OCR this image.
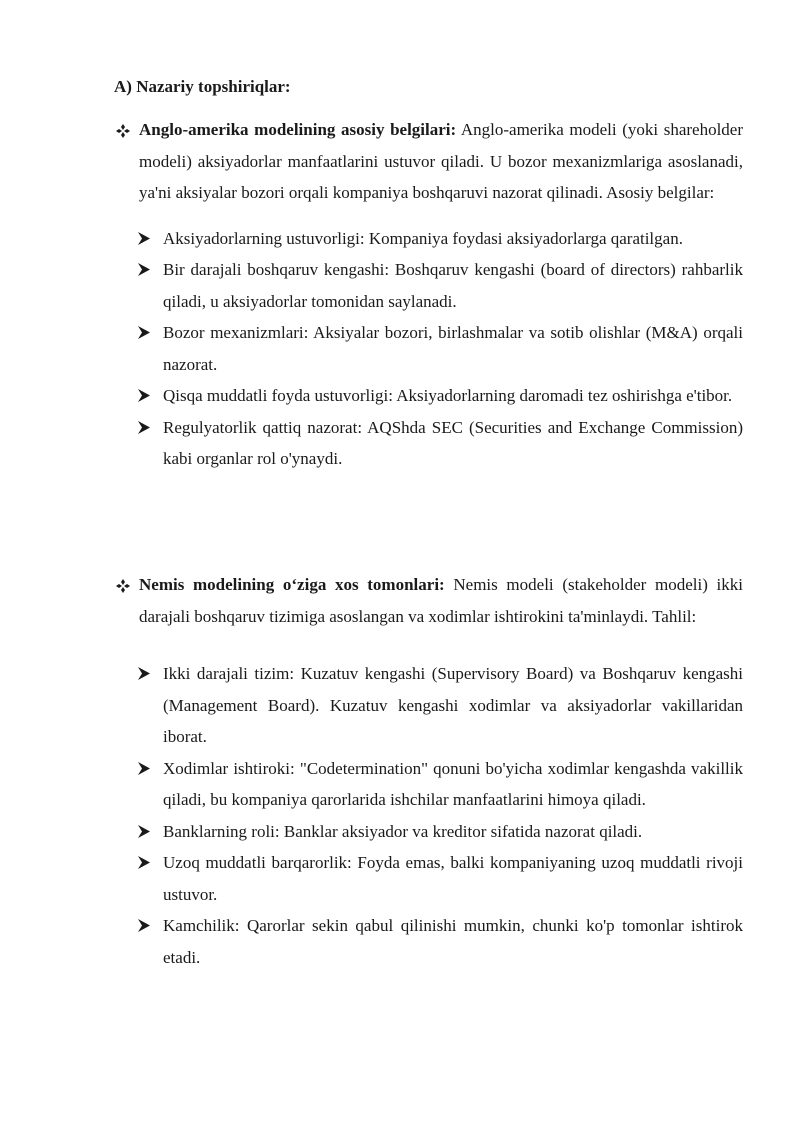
A) Nazariy topshiriqlar:

Anglo-amerika modelining asosiy belgilari: Anglo-amerika modeli (yoki shareholder modeli) aksiyadorlar manfaatlarini ustuvor qiladi. U bozor mexanizmlariga asoslanadi, ya'ni aksiyalar bozori orqali kompaniya boshqaruvi nazorat qilinadi. Asosiy belgilar:

Aksiyadorlarning ustuvorligi: Kompaniya foydasi aksiyadorlarga qaratilgan.
Bir darajali boshqaruv kengashi: Boshqaruv kengashi (board of directors) rahbarlik qiladi, u aksiyadorlar tomonidan saylanadi.
Bozor mexanizmlari: Aksiyalar bozori, birlashmalar va sotib olishlar (M&A) orqali nazorat.
Qisqa muddatli foyda ustuvorligi: Aksiyadorlarning daromadi tez oshirishga e'tibor.
Regulyatorlik qattiq nazorat: AQShda SEC (Securities and Exchange Commission) kabi organlar rol o'ynaydi.

Nemis modelining o‘ziga xos tomonlari: Nemis modeli (stakeholder modeli) ikki darajali boshqaruv tizimiga asoslangan va xodimlar ishtirokini ta'minlaydi. Tahlil:

Ikki darajali tizim: Kuzatuv kengashi (Supervisory Board) va Boshqaruv kengashi (Management Board). Kuzatuv kengashi xodimlar va aksiyadorlar vakillaridan iborat.
Xodimlar ishtiroki: "Codetermination" qonuni bo'yicha xodimlar kengashda vakillik qiladi, bu kompaniya qarorlarida ishchilar manfaatlarini himoya qiladi.
Banklarning roli: Banklar aksiyador va kreditor sifatida nazorat qiladi.
Uzoq muddatli barqarorlik: Foyda emas, balki kompaniyaning uzoq muddatli rivoji ustuvor.
Kamchilik: Qarorlar sekin qabul qilinishi mumkin, chunki ko'p tomonlar ishtirok etadi.
